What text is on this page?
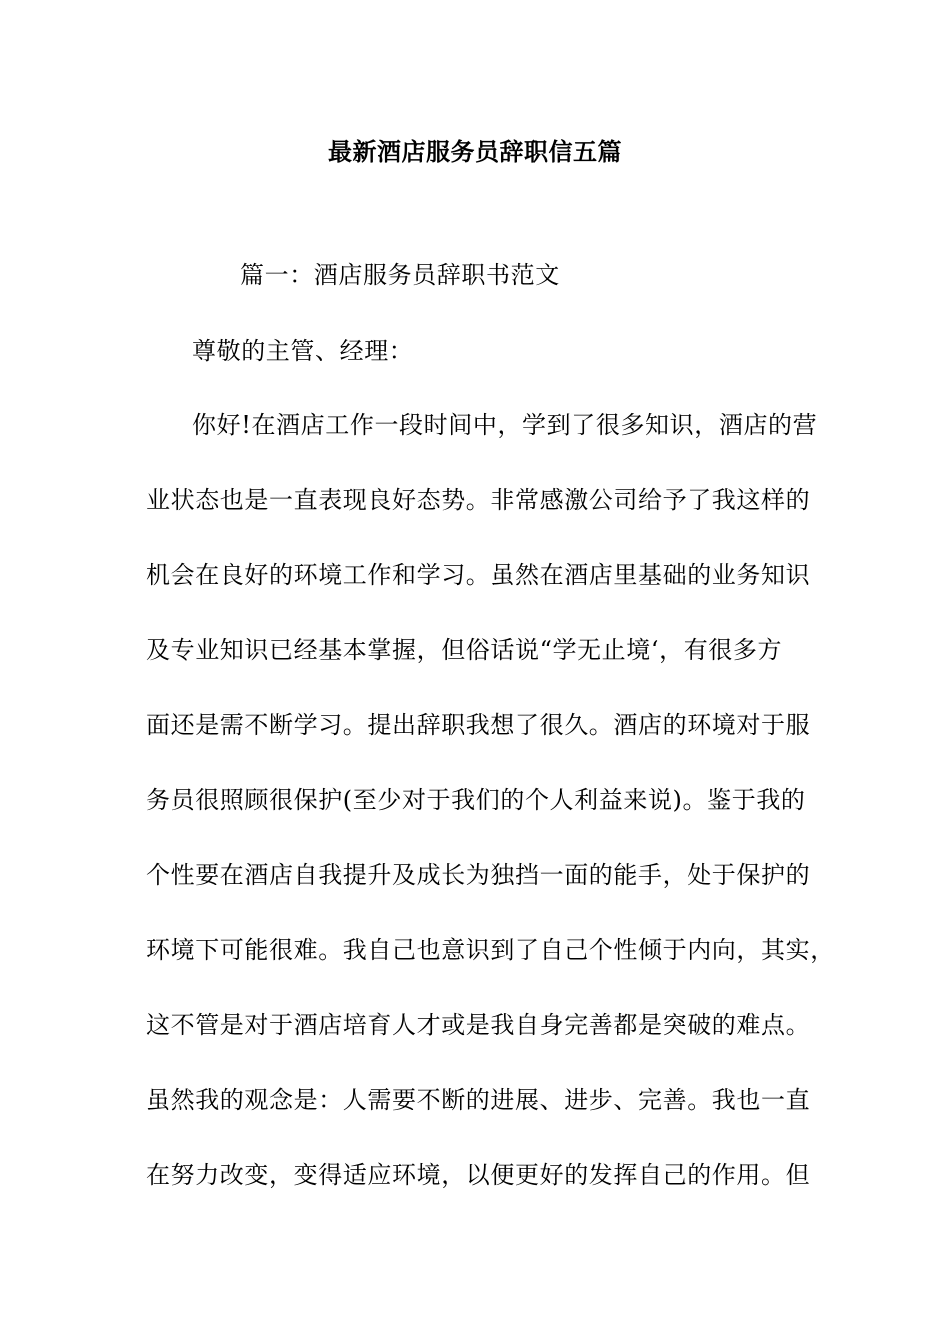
最新酒店服务员辞职信五篇
篇一：酒店服务员辞职书范文
尊敬的主管、经理：
你好!在酒店工作一段时间中，学到了很多知识，酒店的营
业状态也是一直表现良好态势。非常感激公司给予了我这样的
机会在良好的环境工作和学习。虽然在酒店里基础的业务知识
及专业知识已经基本掌握，但俗话说“学无止境‘，有很多方
面还是需不断学习。提出辞职我想了很久。酒店的环境对于服
务员很照顾很保护(至少对于我们的个人利益来说)。鉴于我的
个性要在酒店自我提升及成长为独挡一面的能手，处于保护的
环境下可能很难。我自己也意识到了自己个性倾于内向，其实，
这不管是对于酒店培育人才或是我自身完善都是突破的难点。
虽然我的观念是：人需要不断的进展、进步、完善。我也一直
在努力改变，变得适应环境，以便更好的发挥自己的作用。但
